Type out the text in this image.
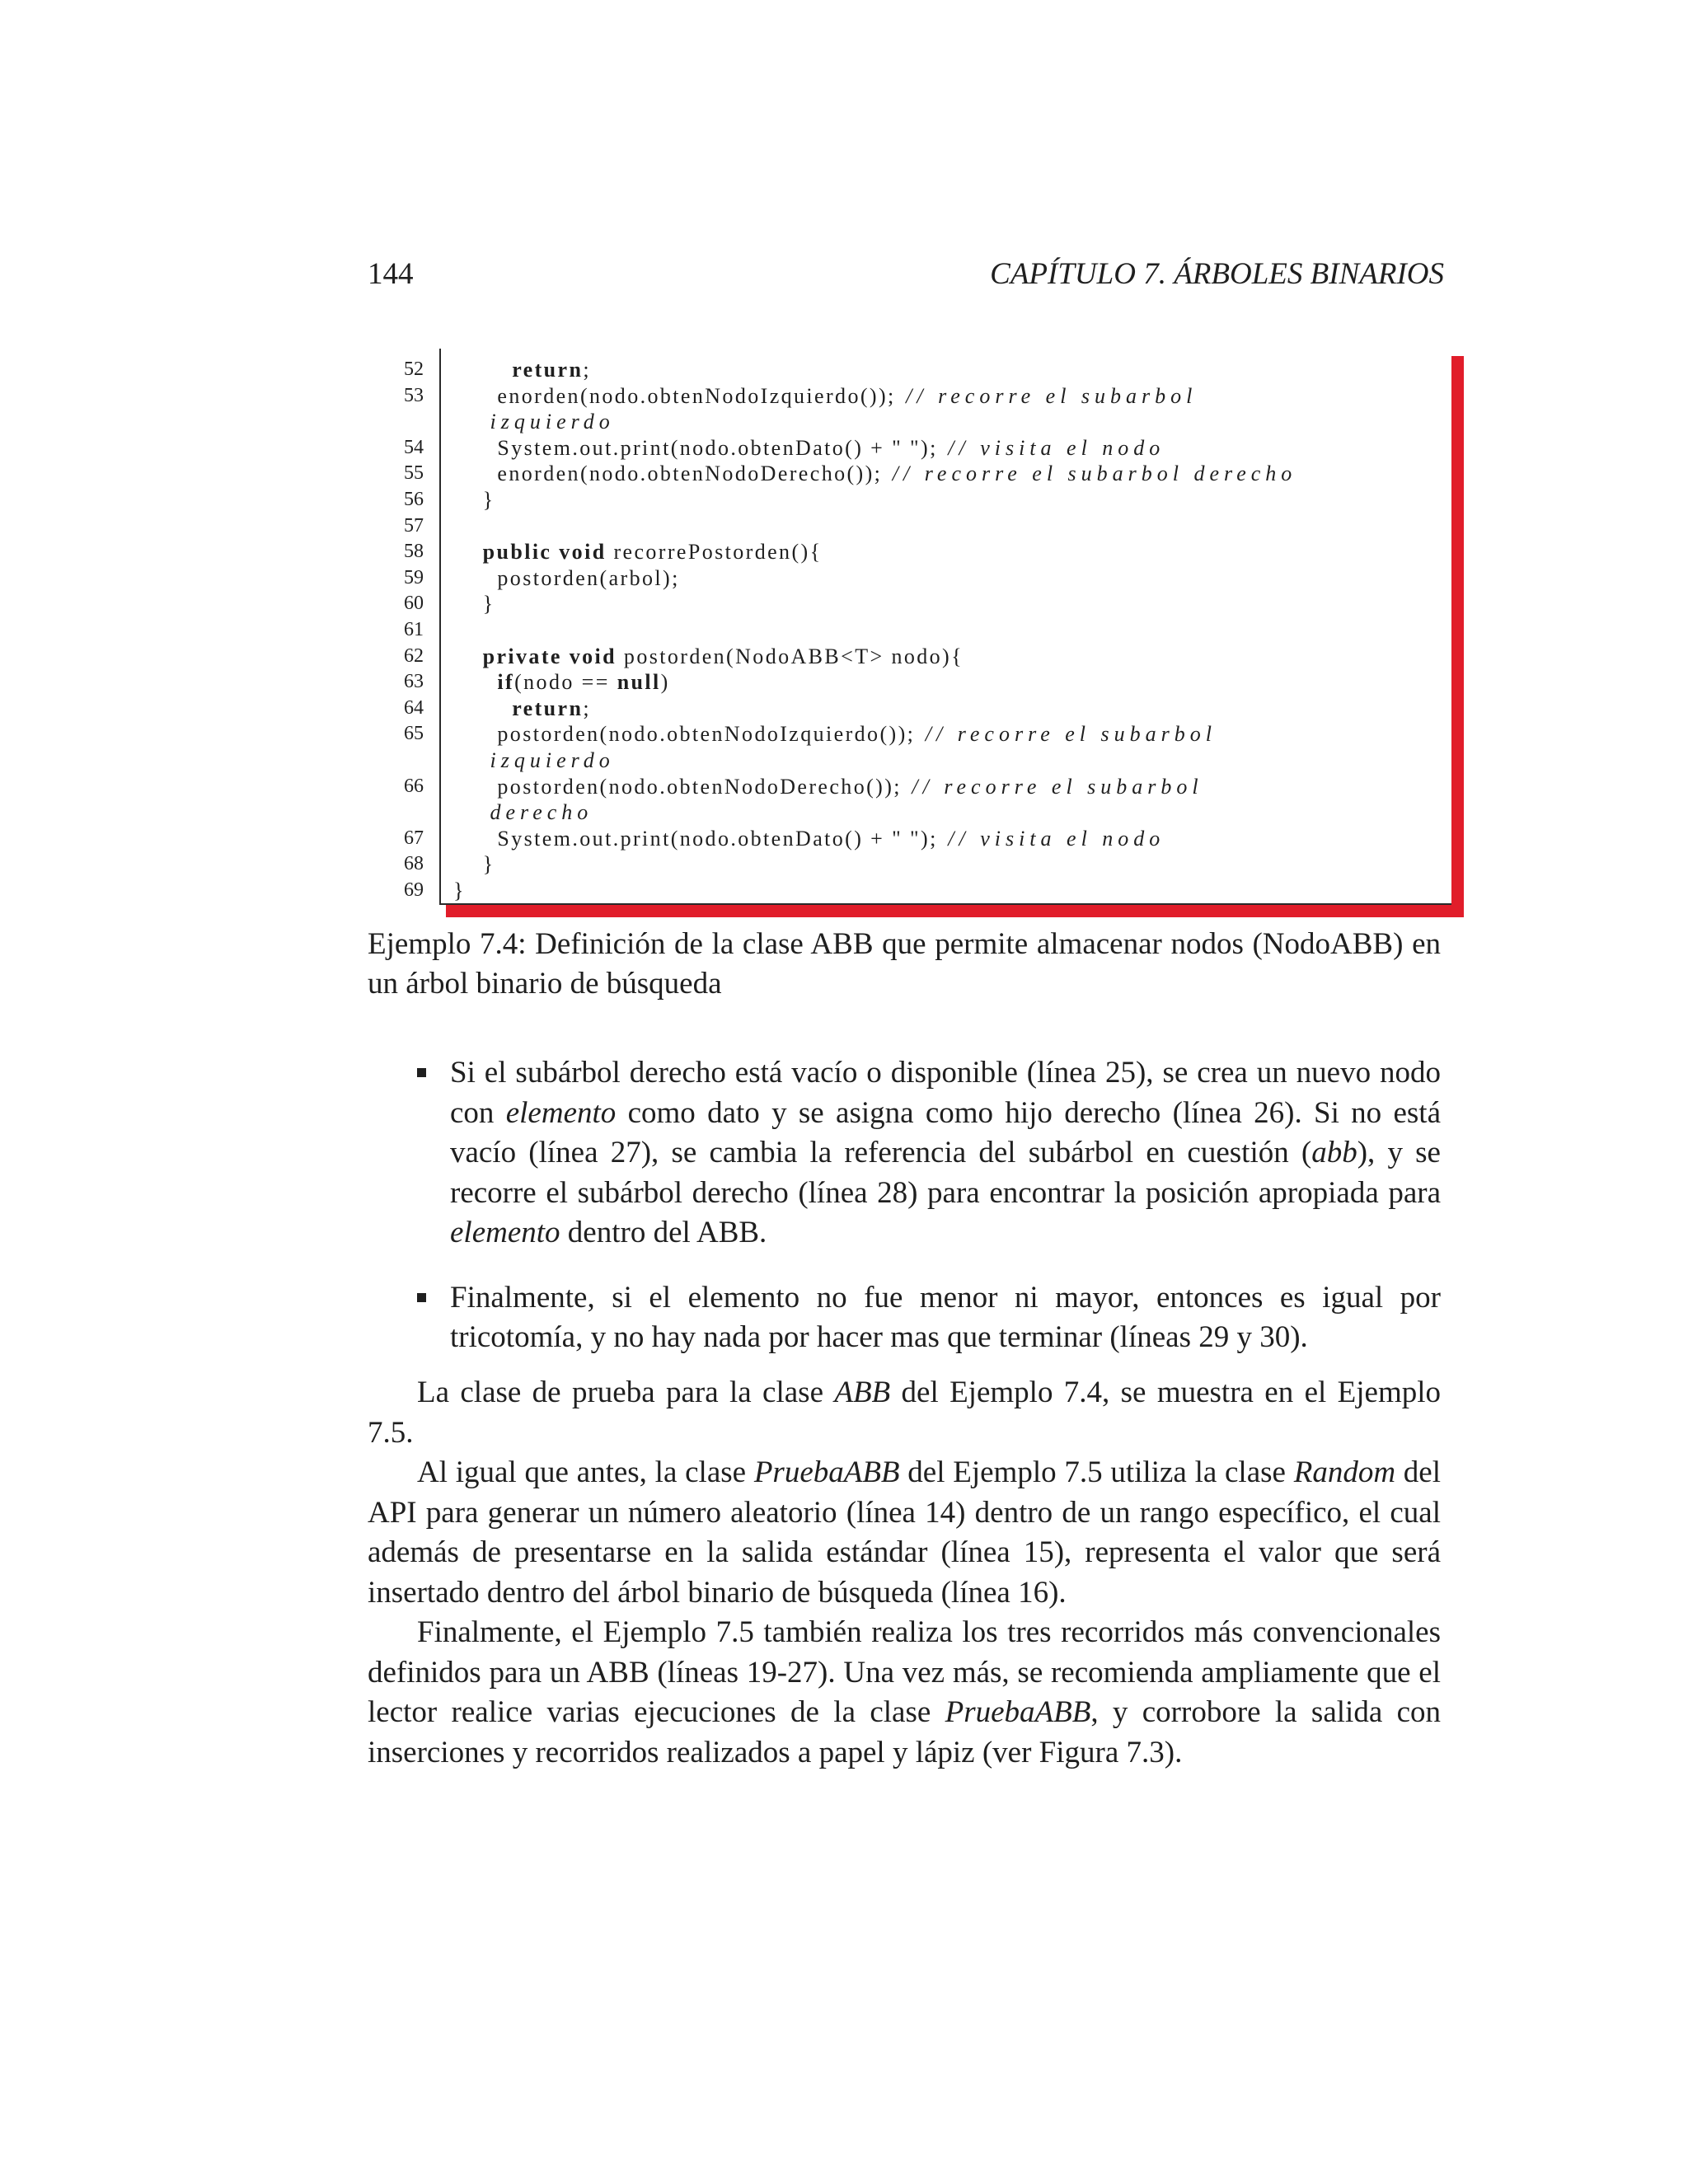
144	CAPÍTULO 7. ÁRBOLES BINARIOS
52	return;
53 enorden(nodo.obtenNodoIzquierdo()); // recorre el subarbol
izquierdo
54 System.out.print(nodo.obtenDato() + " "); // visita el nodo
55 enorden(nodo.obtenNodoDerecho()); // recorre el subarbol derecho
56 }
57
58	public void recorrePostorden(){
59 postorden(arbol);
60 }
61
62	private void postorden(NodoABB<T> nodo){
63	if(nodo == null)
64	return;
65 postorden(nodo.obtenNodoIzquierdo()); // recorre el subarbol
izquierdo
66 postorden(nodo.obtenNodoDerecho()); // recorre el subarbol
derecho
67 System.out.print(nodo.obtenDato() + " "); // visita el nodo
68 }
69 }
Ejemplo 7.4: Definición de la clase ABB que permite almacenar nodos (NodoABB) en un árbol binario de búsqueda
Si el subárbol derecho está vacío o disponible (línea 25), se crea un nuevo nodo con elemento como dato y se asigna como hijo derecho (línea 26). Si no está vacío (línea 27), se cambia la referencia del subárbol en cuestión (abb), y se recorre el subárbol derecho (línea 28) para encontrar la posición apropiada para elemento dentro del ABB.
Finalmente, si el elemento no fue menor ni mayor, entonces es igual por tricotomía, y no hay nada por hacer mas que terminar (líneas 29 y 30).

La clase de prueba para la clase ABB del Ejemplo 7.4, se muestra en el Ejemplo 7.5.

Al igual que antes, la clase PruebaABB del Ejemplo 7.5 utiliza la clase Random del API para generar un número aleatorio (línea 14) dentro de un rango específico, el cual además de presentarse en la salida estándar (línea 15), representa el valor que será insertado dentro del árbol binario de búsqueda (línea 16).

Finalmente, el Ejemplo 7.5 también realiza los tres recorridos más convencionales definidos para un ABB (líneas 19-27). Una vez más, se recomienda ampliamente que el lector realice varias ejecuciones de la clase PruebaABB, y corrobore la salida con inserciones y recorridos realizados a papel y lápiz (ver Figura 7.3).
